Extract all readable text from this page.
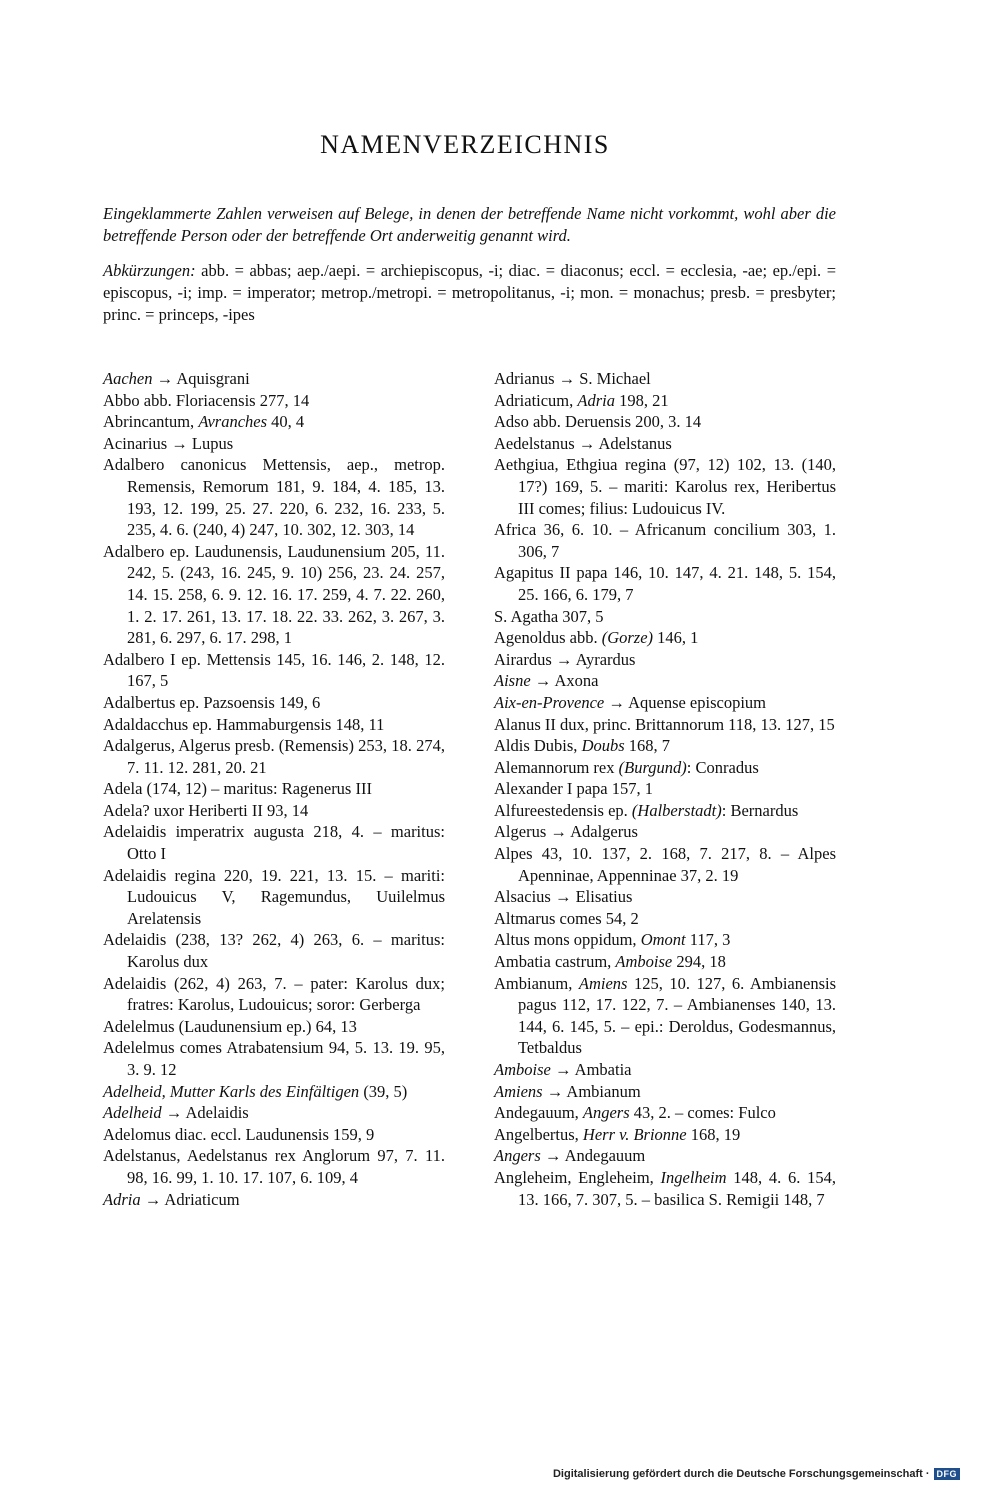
NAMENVERZEICHNIS
Eingeklammerte Zahlen verweisen auf Belege, in denen der betreffende Name nicht vorkommt, wohl aber die betreffende Person oder der betreffende Ort anderweitig genannt wird.
Abkürzungen: abb. = abbas; aep./aepi. = archiepiscopus, -i; diac. = diaconus; eccl. = ecclesia, -ae; ep./epi. = episcopus, -i; imp. = imperator; metrop./metropi. = metropolitanus, -i; mon. = monachus; presb. = presbyter; princ. = princeps, -ipes
Aachen → Aquisgrani
Abbo abb. Floriacensis 277, 14
Abrincantum, Avranches 40, 4
Acinarius → Lupus
Adalbero canonicus Mettensis, aep., metrop. Remensis, Remorum 181, 9. 184, 4. 185, 13. 193, 12. 199, 25. 27. 220, 6. 232, 16. 233, 5. 235, 4. 6. (240, 4) 247, 10. 302, 12. 303, 14
Adalbero ep. Laudunensis, Laudunensium 205, 11. 242, 5. (243, 16. 245, 9. 10) 256, 23. 24. 257, 14. 15. 258, 6. 9. 12. 16. 17. 259, 4. 7. 22. 260, 1. 2. 17. 261, 13. 17. 18. 22. 33. 262, 3. 267, 3. 281, 6. 297, 6. 17. 298, 1
Adalbero I ep. Mettensis 145, 16. 146, 2. 148, 12. 167, 5
Adalbertus ep. Pazsoensis 149, 6
Adaldacchus ep. Hammaburgensis 148, 11
Adalgerus, Algerus presb. (Remensis) 253, 18. 274, 7. 11. 12. 281, 20. 21
Adela (174, 12) – maritus: Ragenerus III
Adela? uxor Heriberti II 93, 14
Adelaidis imperatrix augusta 218, 4. – maritus: Otto I
Adelaidis regina 220, 19. 221, 13. 15. – mariti: Ludouicus V, Ragemundus, Uuilelmus Arelatensis
Adelaidis (238, 13? 262, 4) 263, 6. – maritus: Karolus dux
Adelaidis (262, 4) 263, 7. – pater: Karolus dux; fratres: Karolus, Ludouicus; soror: Gerberga
Adelelmus (Laudunensium ep.) 64, 13
Adelelmus comes Atrabatensium 94, 5. 13. 19. 95, 3. 9. 12
Adelheid, Mutter Karls des Einfältigen (39, 5)
Adelheid → Adelaidis
Adelomus diac. eccl. Laudunensis 159, 9
Adelstanus, Aedelstanus rex Anglorum 97, 7. 11. 98, 16. 99, 1. 10. 17. 107, 6. 109, 4
Adria → Adriaticum
Adrianus → S. Michael
Adriaticum, Adria 198, 21
Adso abb. Deruensis 200, 3. 14
Aedelstanus → Adelstanus
Aethgiua, Ethgiua regina (97, 12) 102, 13. (140, 17?) 169, 5. – mariti: Karolus rex, Heribertus III comes; filius: Ludouicus IV.
Africa 36, 6. 10. – Africanum concilium 303, 1. 306, 7
Agapitus II papa 146, 10. 147, 4. 21. 148, 5. 154, 25. 166, 6. 179, 7
S. Agatha 307, 5
Agenoldus abb. (Gorze) 146, 1
Airardus → Ayrardus
Aisne → Axona
Aix-en-Provence → Aquense episcopium
Alanus II dux, princ. Brittannorum 118, 13. 127, 15
Aldis Dubis, Doubs 168, 7
Alemannorum rex (Burgund): Conradus
Alexander I papa 157, 1
Alfureestedensis ep. (Halberstadt): Bernardus
Algerus → Adalgerus
Alpes 43, 10. 137, 2. 168, 7. 217, 8. – Alpes Apenninae, Appenninae 37, 2. 19
Alsacius → Elisatius
Altmarus comes 54, 2
Altus mons oppidum, Omont 117, 3
Ambatia castrum, Amboise 294, 18
Ambianum, Amiens 125, 10. 127, 6. Ambianensis pagus 112, 17. 122, 7. – Ambianenses 140, 13. 144, 6. 145, 5. – epi.: Deroldus, Godesmannus, Tetbaldus
Amboise → Ambatia
Amiens → Ambianum
Andegauum, Angers 43, 2. – comes: Fulco
Angelbertus, Herr v. Brionne 168, 19
Angers → Andegauum
Angleheim, Engleheim, Ingelheim 148, 4. 6. 154, 13. 166, 7. 307, 5. – basilica S. Remigii 148, 7
Digitalisierung gefördert durch die Deutsche Forschungsgemeinschaft · DFG
